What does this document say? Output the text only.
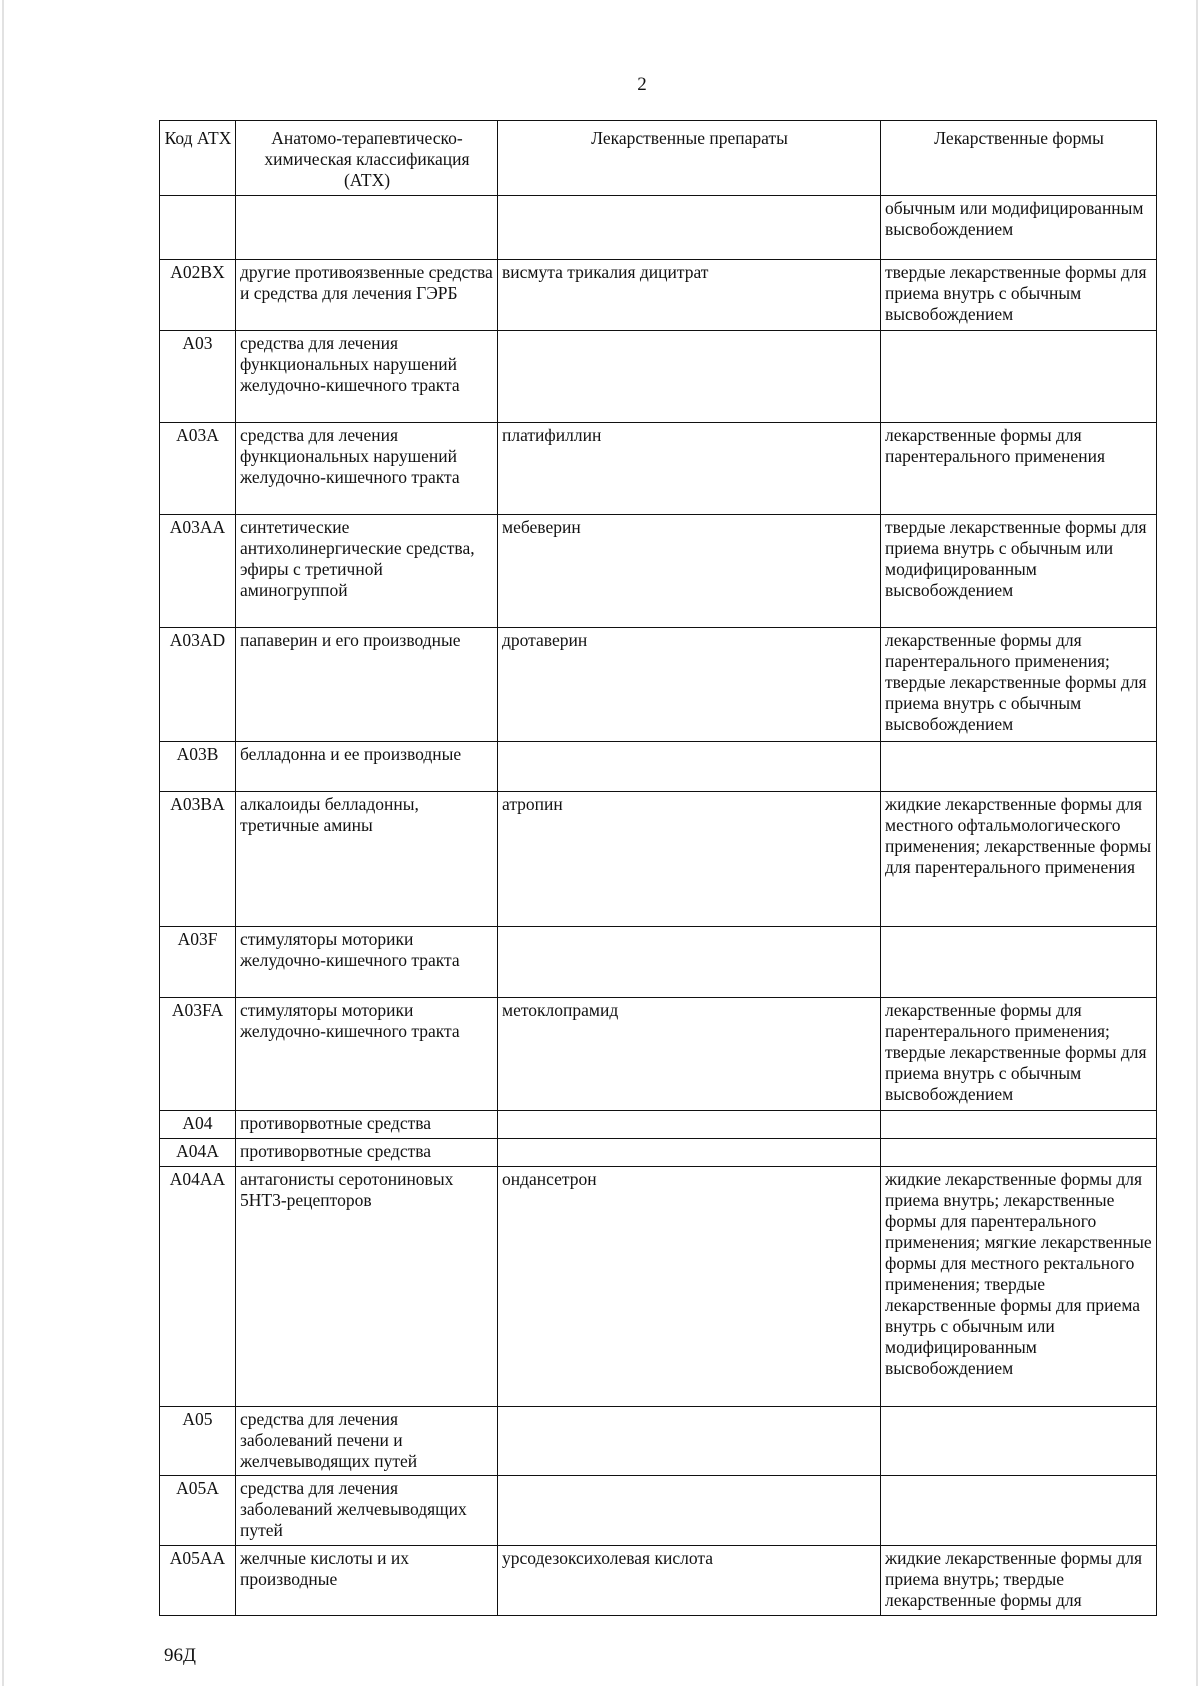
2
Код АТХ	Анатомо-терапевтическо-химическая классификация (АТХ)	Лекарственные препараты	Лекарственные формы
			обычным или модифицированным высвобождением
A02BX	другие противоязвенные средства и средства для лечения ГЭРБ	висмута трикалия дицитрат	твердые лекарственные формы для приема внутрь с обычным высвобождением
A03	средства для лечения функциональных нарушений желудочно-кишечного тракта		
A03A	средства для лечения функциональных нарушений желудочно-кишечного тракта	платифиллин	лекарственные формы для парентерального применения
A03AA	синтетические антихолинергические средства, эфиры с третичной аминогруппой	мебеверин	твердые лекарственные формы для приема внутрь с обычным или модифицированным высвобождением
A03AD	папаверин и его производные	дротаверин	лекарственные формы для парентерального применения; твердые лекарственные формы для приема внутрь с обычным высвобождением
A03B	белладонна и ее производные		
A03BA	алкалоиды белладонны, третичные амины	атропин	жидкие лекарственные формы для местного офтальмологического применения; лекарственные формы для парентерального применения
A03F	стимуляторы моторики желудочно-кишечного тракта		
A03FA	стимуляторы моторики желудочно-кишечного тракта	метоклопрамид	лекарственные формы для парентерального применения; твердые лекарственные формы для приема внутрь с обычным высвобождением
A04	противорвотные средства		
A04A	противорвотные средства		
A04AA	антагонисты серотониновых 5HT3-рецепторов	ондансетрон	жидкие лекарственные формы для приема внутрь; лекарственные формы для парентерального применения; мягкие лекарственные формы для местного ректального применения; твердые лекарственные формы для приема внутрь с обычным или модифицированным высвобождением
A05	средства для лечения заболеваний печени и желчевыводящих путей		
A05A	средства для лечения заболеваний желчевыводящих путей		
A05AA	желчные кислоты и их производные	урсодезоксихолевая кислота	жидкие лекарственные формы для приема внутрь; твердые лекарственные формы для
96Д
